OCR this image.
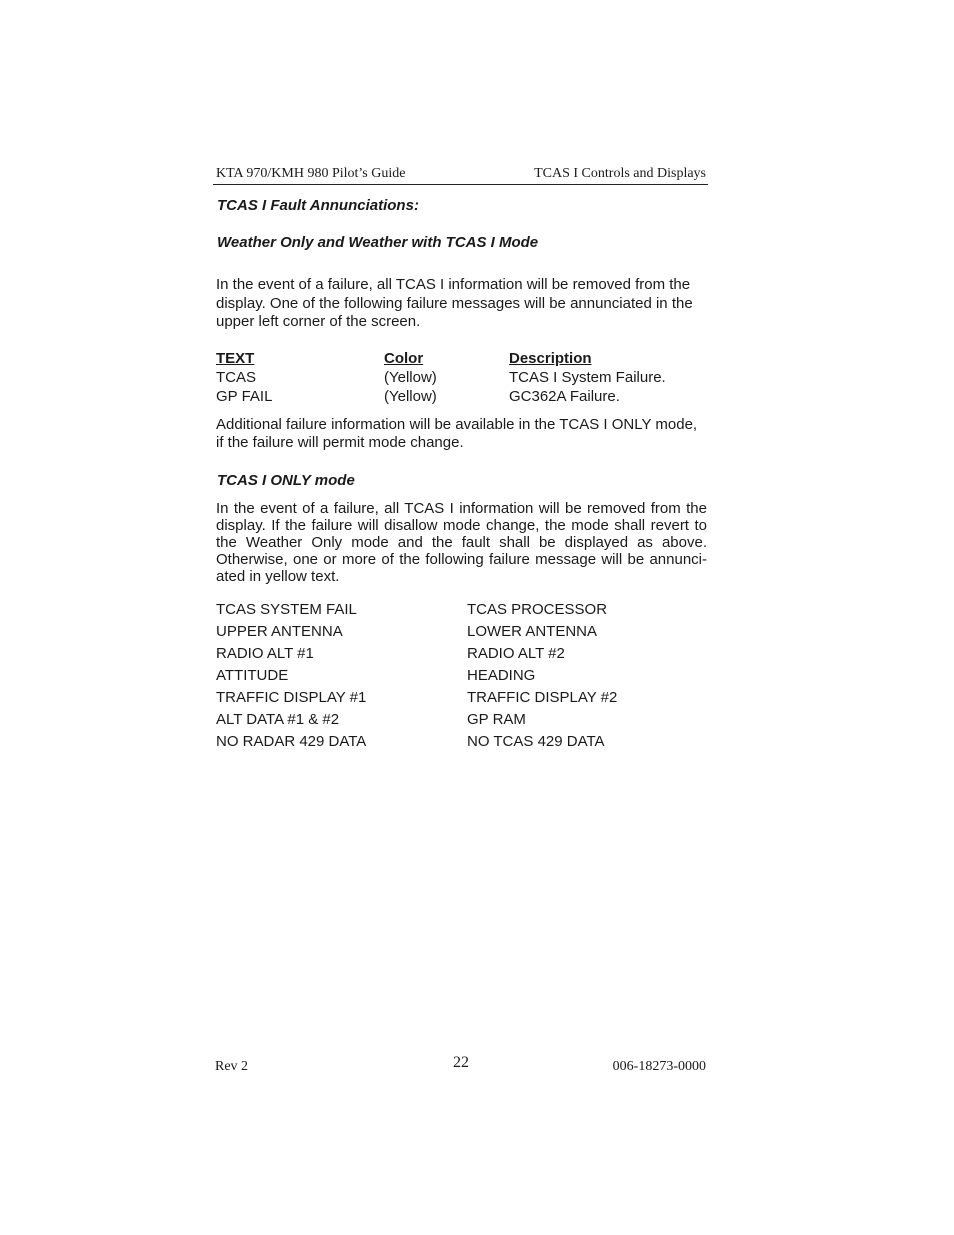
KTA 970/KMH 980 Pilot’s Guide	TCAS I Controls and Displays
TCAS I Fault Annunciations:
Weather Only and Weather with TCAS I Mode
In the event of a failure, all TCAS I information will be removed from the display. One of the following failure messages will be annunciated in the upper left corner of the screen.
TEXT	Color	Description
TCAS	(Yellow)	TCAS I System Failure.
GP FAIL	(Yellow)	GC362A Failure.
Additional failure information will be available in the TCAS I ONLY mode, if the failure will permit mode change.
TCAS I ONLY mode
In the event of a failure, all TCAS I information will be removed from the display. If the failure will disallow mode change, the mode shall revert to the Weather Only mode and the fault shall be displayed as above. Otherwise, one or more of the following failure message will be annunci-ated in yellow text.
TCAS SYSTEM FAIL	TCAS PROCESSOR
UPPER ANTENNA	LOWER ANTENNA
RADIO ALT #1	RADIO ALT #2
ATTITUDE	HEADING
TRAFFIC DISPLAY #1	TRAFFIC DISPLAY #2
ALT DATA #1 & #2	GP RAM
NO RADAR 429 DATA	NO TCAS 429 DATA
Rev 2	22	006-18273-0000
